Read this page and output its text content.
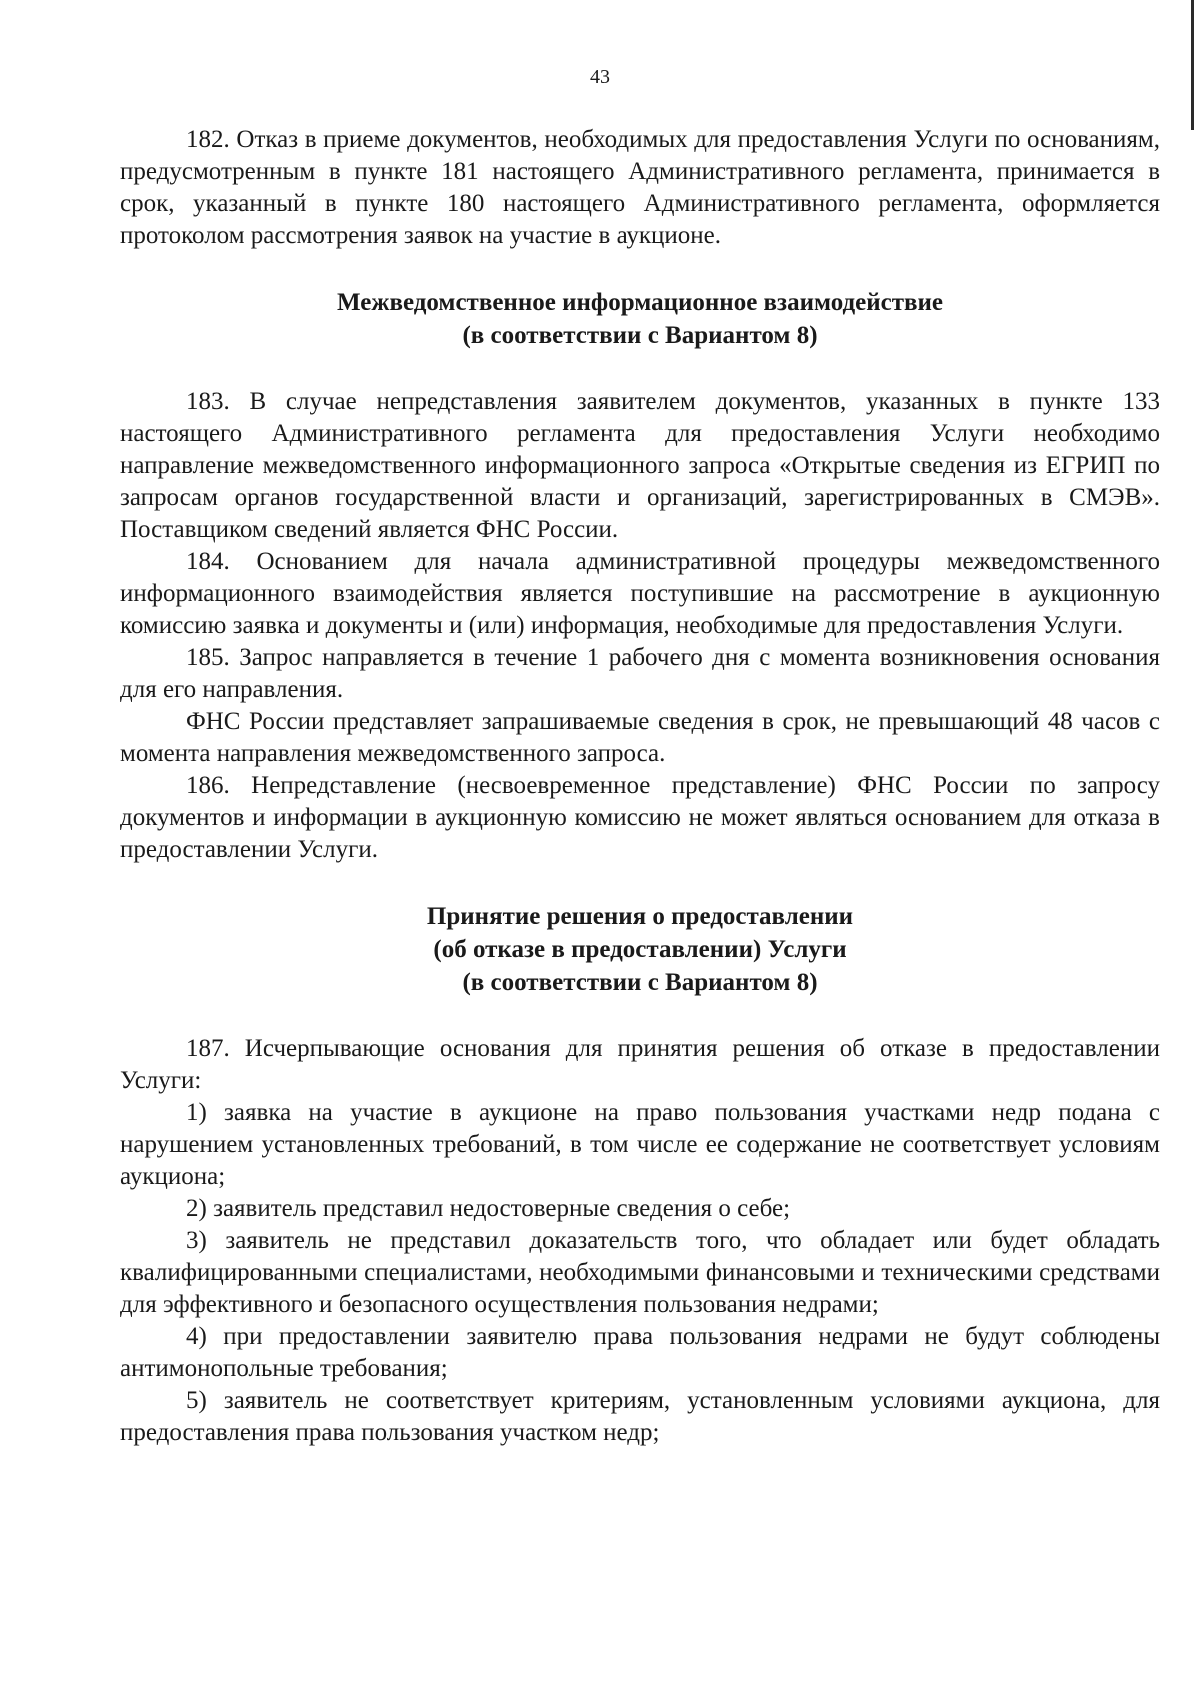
43

182. Отказ в приеме документов, необходимых для предоставления Услуги по основаниям, предусмотренным в пункте 181 настоящего Административного регламента, принимается в срок, указанный в пункте 180 настоящего Административного регламента, оформляется протоколом рассмотрения заявок на участие в аукционе.

Межведомственное информационное взаимодействие
(в соответствии с Вариантом 8)

183. В случае непредставления заявителем документов, указанных в пункте 133 настоящего Административного регламента для предоставления Услуги необходимо направление межведомственного информационного запроса «Открытые сведения из ЕГРИП по запросам органов государственной власти и организаций, зарегистрированных в СМЭВ». Поставщиком сведений является ФНС России.

184. Основанием для начала административной процедуры межведомственного информационного взаимодействия является поступившие на рассмотрение в аукционную комиссию заявка и документы и (или) информация, необходимые для предоставления Услуги.

185. Запрос направляется в течение 1 рабочего дня с момента возникновения основания для его направления.

ФНС России представляет запрашиваемые сведения в срок, не превышающий 48 часов с момента направления межведомственного запроса.

186. Непредставление (несвоевременное представление) ФНС России по запросу документов и информации в аукционную комиссию не может являться основанием для отказа в предоставлении Услуги.

Принятие решения о предоставлении
(об отказе в предоставлении) Услуги
(в соответствии с Вариантом 8)

187. Исчерпывающие основания для принятия решения об отказе в предоставлении Услуги:

1) заявка на участие в аукционе на право пользования участками недр подана с нарушением установленных требований, в том числе ее содержание не соответствует условиям аукциона;

2) заявитель представил недостоверные сведения о себе;

3) заявитель не представил доказательств того, что обладает или будет обладать квалифицированными специалистами, необходимыми финансовыми и техническими средствами для эффективного и безопасного осуществления пользования недрами;

4) при предоставлении заявителю права пользования недрами не будут соблюдены антимонопольные требования;

5) заявитель не соответствует критериям, установленным условиями аукциона, для предоставления права пользования участком недр;
